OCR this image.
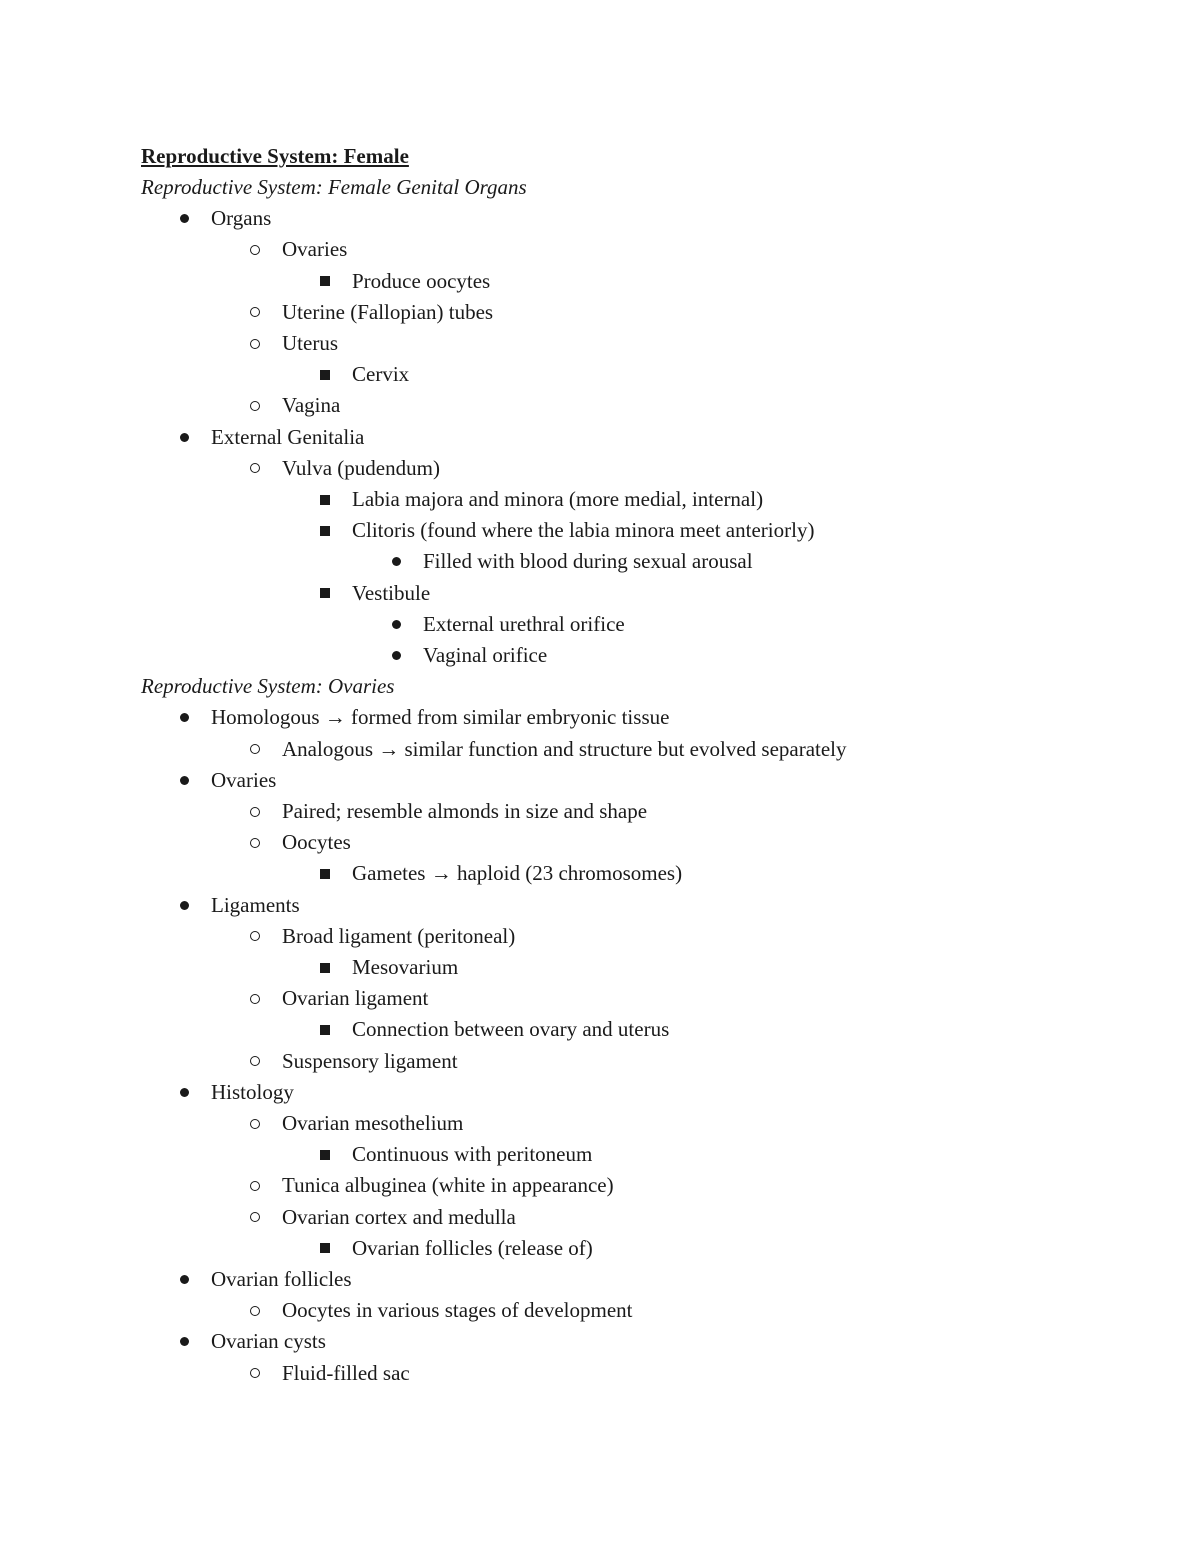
Reproductive System: Female
Reproductive System: Female Genital Organs
Organs
Ovaries
Produce oocytes
Uterine (Fallopian) tubes
Uterus
Cervix
Vagina
External Genitalia
Vulva (pudendum)
Labia majora and minora (more medial, internal)
Clitoris (found where the labia minora meet anteriorly)
Filled with blood during sexual arousal
Vestibule
External urethral orifice
Vaginal orifice
Reproductive System: Ovaries
Homologous → formed from similar embryonic tissue
Analogous → similar function and structure but evolved separately
Ovaries
Paired; resemble almonds in size and shape
Oocytes
Gametes → haploid (23 chromosomes)
Ligaments
Broad ligament (peritoneal)
Mesovarium
Ovarian ligament
Connection between ovary and uterus
Suspensory ligament
Histology
Ovarian mesothelium
Continuous with peritoneum
Tunica albuginea (white in appearance)
Ovarian cortex and medulla
Ovarian follicles (release of)
Ovarian follicles
Oocytes in various stages of development
Ovarian cysts
Fluid-filled sac
